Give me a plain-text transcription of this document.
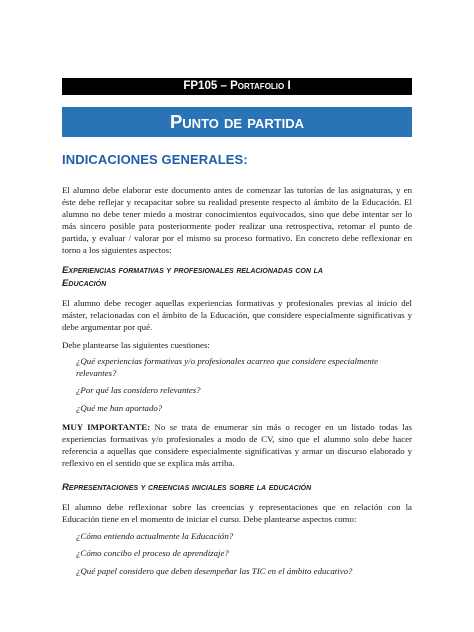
FP105 – Portafolio I
Punto de partida
INDICACIONES GENERALES:

El alumno debe elaborar este documento antes de comenzar las tutorías de las asignaturas, y en éste debe reflejar y recapacitar sobre su realidad presente respecto al ámbito de la Educación. El alumno no debe tener miedo a mostrar conocimientos equivocados, sino que debe intentar ser lo más sincero posible para posteriormente poder realizar una retrospectiva, retomar el punto de partida, y evaluar / valorar por el mismo su proceso formativo. En concreto debe reflexionar en torno a los siguientes aspectos:

Experiencias formativas y profesionales relacionadas con la
Educación

El alumno debe recoger aquellas experiencias formativas y profesionales previas al inicio del máster, relacionadas con el ámbito de la Educación, que considere especialmente significativas y debe argumentar por qué.

Debe plantearse las siguientes cuestiones:

¿Qué experiencias formativas y/o profesionales acarreo que considere especialmente relevantes?

¿Por qué las considero relevantes?

¿Qué me han aportado?

MUY IMPORTANTE: No se trata de enumerar sin más o recoger en un listado todas las experiencias formativas y/o profesionales a modo de CV, sino que el alumno solo debe hacer referencia a aquellas que considere especialmente significativas y armar un discurso elaborado y reflexivo en el sentido que se explica más arriba.

Representaciones y creencias iniciales sobre la educación

El alumno debe reflexionar sobre las creencias y representaciones que en relación con la Educación tiene en el momento de iniciar el curso. Debe plantearse aspectos como:

¿Cómo entiendo actualmente la Educación?

¿Cómo concibo el proceso de aprendizaje?

¿Qué papel considero que deben desempeñar las TIC en el ámbito educativo?
